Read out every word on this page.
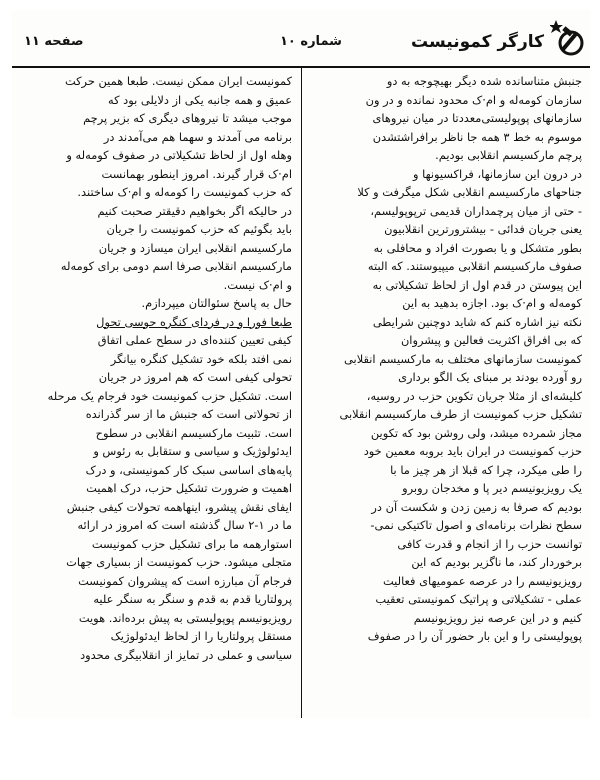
کارگر کمونیست
شماره ۱۰
صفحه ۱۱
جنبش متناسانده شده دیگر بهیچوجه به دو
سازمان کومه‌له و ام·ک محدود نمانده و در ون
سازمانهای پوپولیستی‌معددتا در میان نیروهای
موسوم به خط ۳ همه جا ناظر برافراشتشدن
پرچم مارکسیسم انقلابی بودیم.
در درون این سازمانها، فراکسیونها و
جناحهای مارکسیسم انقلابی شکل میگرفت و کلا
- حتی از میان پرچمداران قدیمی ترپوپولیسم،
یعنی جریان فدائی - بیشترورترین انقلابیون
بطور متشکل و یا بصورت افراد و محافلی به
صفوف مارکسیسم انقلابی میپیوستند. که البته
این پیوستن در قدم اول از لحاظ تشکیلاتی به
کومه‌له و ام·ک بود. اجازه بدهید به این
نکته نیز اشاره کنم که شاید دوچنین شرایطی
که بی افراق اکثریت فعالین و پیشروان
کمونیست سازمانهای مختلف به مارکسیسم انقلابی
رو آورده بودند بر مبنای یک الگو برداری
کلیشه‌ای از مثلا جریان تکوین حزب در روسیه،
تشکیل حزب کمونیست از طرف مارکسیسم انقلابی
مجاز شمرده میشد، ولی روشن بود که تکوین
حزب کمونیست در ایران باید بروبه معمین خود
را طی میکرد، چرا که قبلا از هر چیز ما با
یک رویزیونیسم دیر پا و مخدجان روبرو
بودیم که صرفا به زمین زدن و شکست آن در
سطح نظرات برنامه‌ای و اصول تاکتیکی نمی-
توانست حزب را از انجام و قدرت کافی
برخوردار کند، ما ناگزیر بودیم که این
رویزیونیسم را در عرصه عمومیهای فعالیت
عملی - تشکیلاتی و پراتیک کمونیستی تعقیب
کنیم و در این عرصه نیز رویزیونیسم
پوپولیستی را و این بار حضور آن را در صفوف
کمونیست ایران ممکن نیست. طبعا همین حرکت
عمیق و همه جانبه یکی از دلایلی بود که
موجب میشد تا نیروهای دیگری که بزیر پرچم
برنامه می آمدند و سهما هم می‌آمدند در
وهله اول از لحاظ تشکیلاتی در صفوف کومه‌له و
ام·ک قرار گیرند. امروز اینطور بهمانست
که حزب کمونیست را کومه‌له و ام·ک ساختند.
در حالیکه اگر بخواهیم دقیقتر صحبت کنیم
باید بگوئیم که حزب کمونیست را جریان
مارکسیسم انقلابی ایران میسازد و جریان
مارکسیسم انقلابی صرفا اسم دومی برای کومه‌له
و ام·ک نیست.
حال به پاسخ سئوالتان میپردازم.
طبعا فورا و در فردای کنگره حوسی تحول
کیفی تعیین کننده‌ای در سطح عملی اتفاق
نمی افتد بلکه خود تشکیل کنگره بیانگر
تحولی کیفی است که هم امروز در جریان
است. تشکیل حزب کمونیست خود فرجام یک مرحله
از تحولاتی است که جنبش ما از سر گذرانده
است. تثبیت مارکسیسم انقلابی در سطوح
ایدئولوژیک و سیاسی و ستقابل به رئوس و
پایه‌های اساسی سبک کار کمونیستی، و درک
اهمیت و ضرورت تشکیل حزب، درک اهمیت
ایفای نقش پیشرو، اینهاهمه تحولات کیفی جنبش
ما در ۱-۲ سال گذشته است که امروز در ارائه
استوارهمه ما برای تشکیل حزب کمونیست
متجلی میشود. حزب کمونیست از بسیاری جهات
فرجام آن مبارزه است که پیشروان کمونیست
پرولتاریا قدم به قدم و سنگر به سنگر علیه
رویزیونیسم پوپولیستی به پیش برده‌اند. هویت
مستقل پرولتاریا را از لحاظ ایدئولوژیک
سیاسی و عملی در تمایز از انقلابیگری محدود
